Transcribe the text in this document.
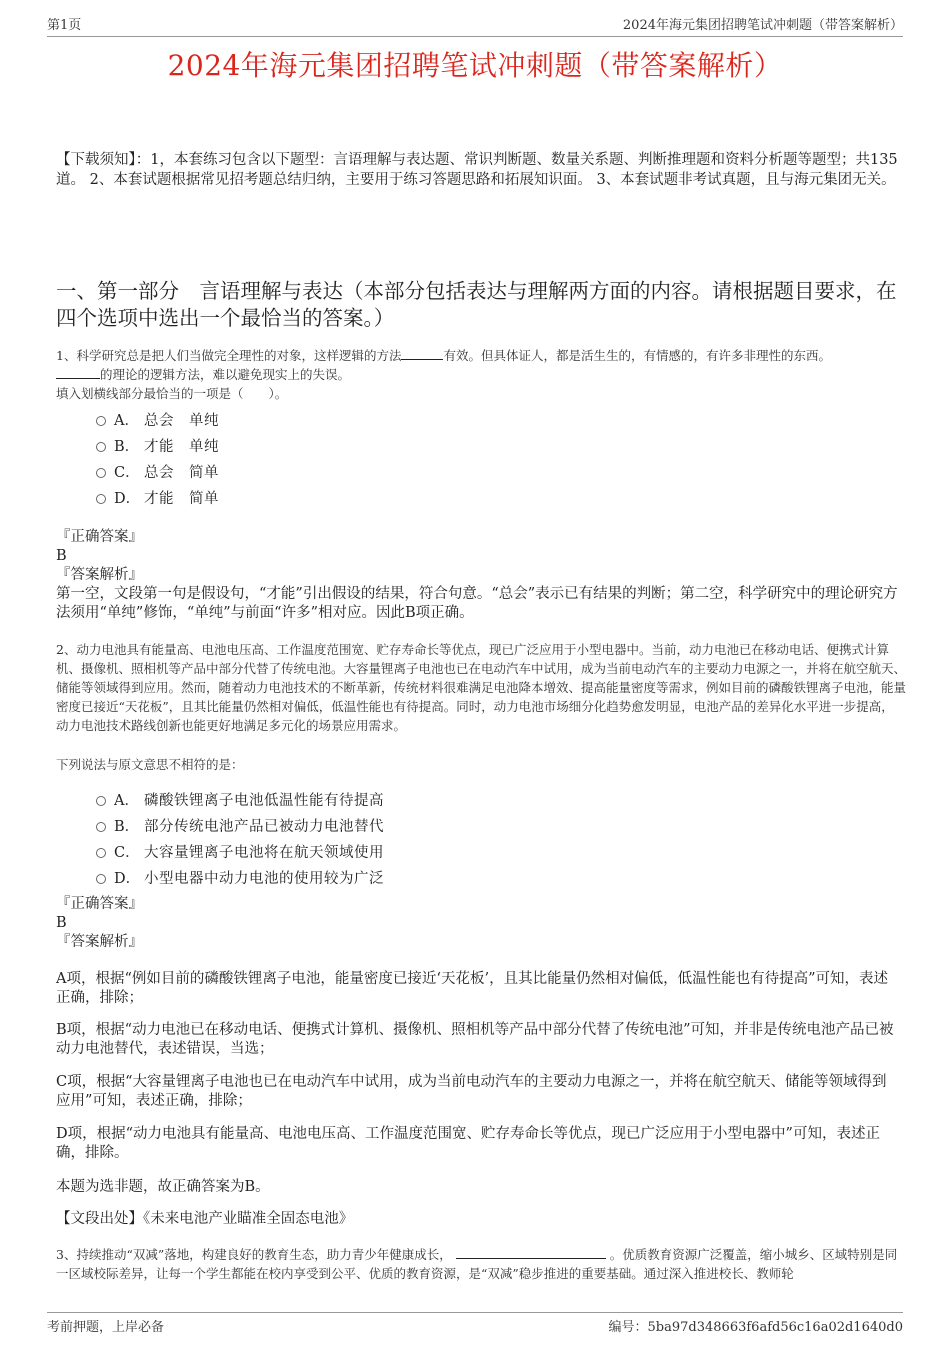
第1页	2024年海元集团招聘笔试冲刺题（带答案解析）
2024年海元集团招聘笔试冲刺题（带答案解析）
【下载须知】：1，本套练习包含以下题型：言语理解与表达题、常识判断题、数量关系题、判断推理题和资料分析题等题型；共135道。 2、本套试题根据常见招考题总结归纳，主要用于练习答题思路和拓展知识面。 3、本套试题非考试真题，且与海元集团无关。
一、第一部分　言语理解与表达（本部分包括表达与理解两方面的内容。请根据题目要求，在四个选项中选出一个最恰当的答案。）
1、科学研究总是把人们当做完全理性的对象，这样逻辑的方法	有效。但具体证人，都是活生生的，有情感的，有许多非理性的东西。
的理论的逻辑方法，难以避免现实上的失误。
填入划横线部分最恰当的一项是（　　）。
A． 总会　单纯
B． 才能　单纯
C． 总会　简单
D． 才能　简单
『正确答案』
B
『答案解析』
第一空，文段第一句是假设句，“才能”引出假设的结果，符合句意。“总会”表示已有结果的判断；第二空，科学研究中的理论研究方法须用“单纯”修饰，“单纯”与前面“许多”相对应。因此B项正确。
2、动力电池具有能量高、电池电压高、工作温度范围宽、贮存寿命长等优点，现已广泛应用于小型电器中。当前，动力电池已在移动电话、便携式计算机、摄像机、照相机等产品中部分代替了传统电池。大容量锂离子电池也已在电动汽车中试用，成为当前电动汽车的主要动力电源之一，并将在航空航天、储能等领域得到应用。然而，随着动力电池技术的不断革新，传统材料很难满足电池降本增效、提高能量密度等需求，例如目前的磷酸铁锂离子电池，能量密度已接近“天花板”，且其比能量仍然相对偏低，低温性能也有待提高。同时，动力电池市场细分化趋势愈发明显，电池产品的差异化水平进一步提高，动力电池技术路线创新也能更好地满足多元化的场景应用需求。
下列说法与原文意思不相符的是：
A． 磷酸铁锂离子电池低温性能有待提高
B． 部分传统电池产品已被动力电池替代
C． 大容量锂离子电池将在航天领域使用
D． 小型电器中动力电池的使用较为广泛
『正确答案』
B
『答案解析』
A项，根据“例如目前的磷酸铁锂离子电池，能量密度已接近‘天花板’，且其比能量仍然相对偏低，低温性能也有待提高”可知，表述正确，排除；
B项，根据“动力电池已在移动电话、便携式计算机、摄像机、照相机等产品中部分代替了传统电池”可知，并非是传统电池产品已被动力电池替代，表述错误，当选；
C项，根据“大容量锂离子电池也已在电动汽车中试用，成为当前电动汽车的主要动力电源之一，并将在航空航天、储能等领域得到应用”可知，表述正确，排除；
D项，根据“动力电池具有能量高、电池电压高、工作温度范围宽、贮存寿命长等优点，现已广泛应用于小型电器中”可知，表述正确，排除。
本题为选非题，故正确答案为B。
【文段出处】《未来电池产业瞄准全固态电池》
3、持续推动“双减”落地，构建良好的教育生态，助力青少年健康成长，	。优质教育资源广泛覆盖，缩小城乡、区域特别是同一区域校际差异，让每一个学生都能在校内享受到公平、优质的教育资源，是“双减”稳步推进的重要基础。通过深入推进校长、教师轮
考前押题，上岸必备	编号：5ba97d348663f6afd56c16a02d1640d0
